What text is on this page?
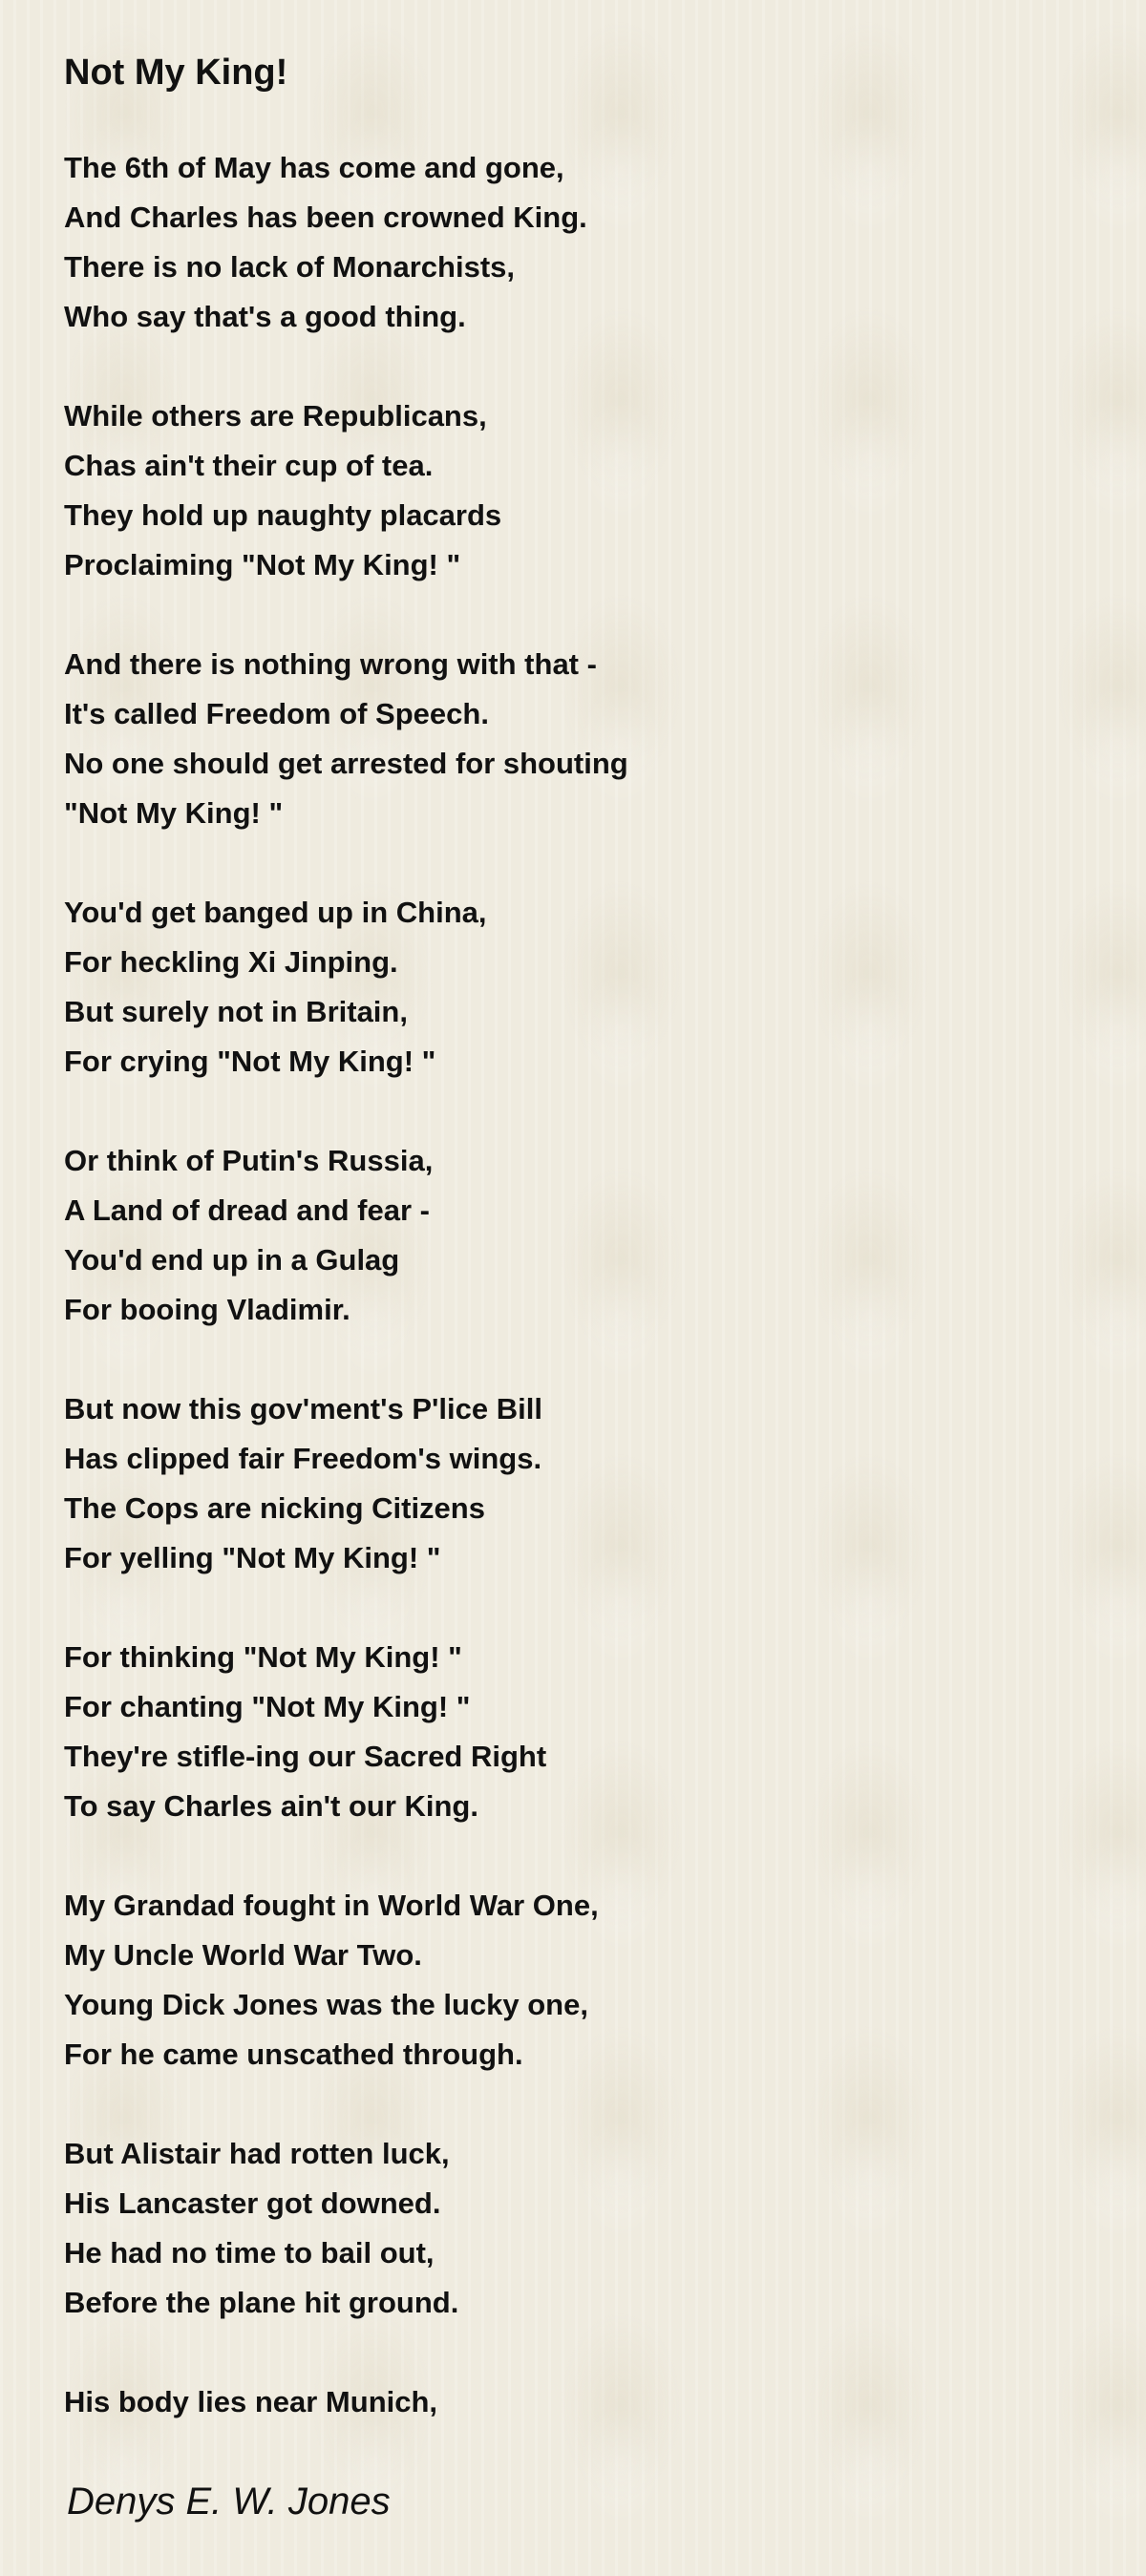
Not My King!

The 6th of May has come and gone,
And Charles has been crowned King.
There is no lack of Monarchists,
Who say that's a good thing.

While others are Republicans,
Chas ain't their cup of tea.
They hold up naughty placards
Proclaiming "Not My King! "

And there is nothing wrong with that -
It's called Freedom of Speech.
No one should get arrested for shouting
"Not My King! "

You'd get banged up in China,
For heckling Xi Jinping.
But surely not in Britain,
For crying "Not My King! "

Or think of Putin's Russia,
A Land of dread and fear -
You'd end up in a Gulag
For booing Vladimir.

But now this gov'ment's P'lice Bill
Has clipped fair Freedom's wings.
The Cops are nicking Citizens
For yelling "Not My King! "

For thinking "Not My King! "
For chanting "Not My King! "
They're stifle-ing our Sacred Right
To say Charles ain't our King.

My Grandad fought in World War One,
My Uncle World War Two.
Young Dick Jones was the lucky one,
For he came unscathed through.

But Alistair had rotten luck,
His Lancaster got downed.
He had no time to bail out,
Before the plane hit ground.

His body lies near Munich,

Denys E. W. Jones
